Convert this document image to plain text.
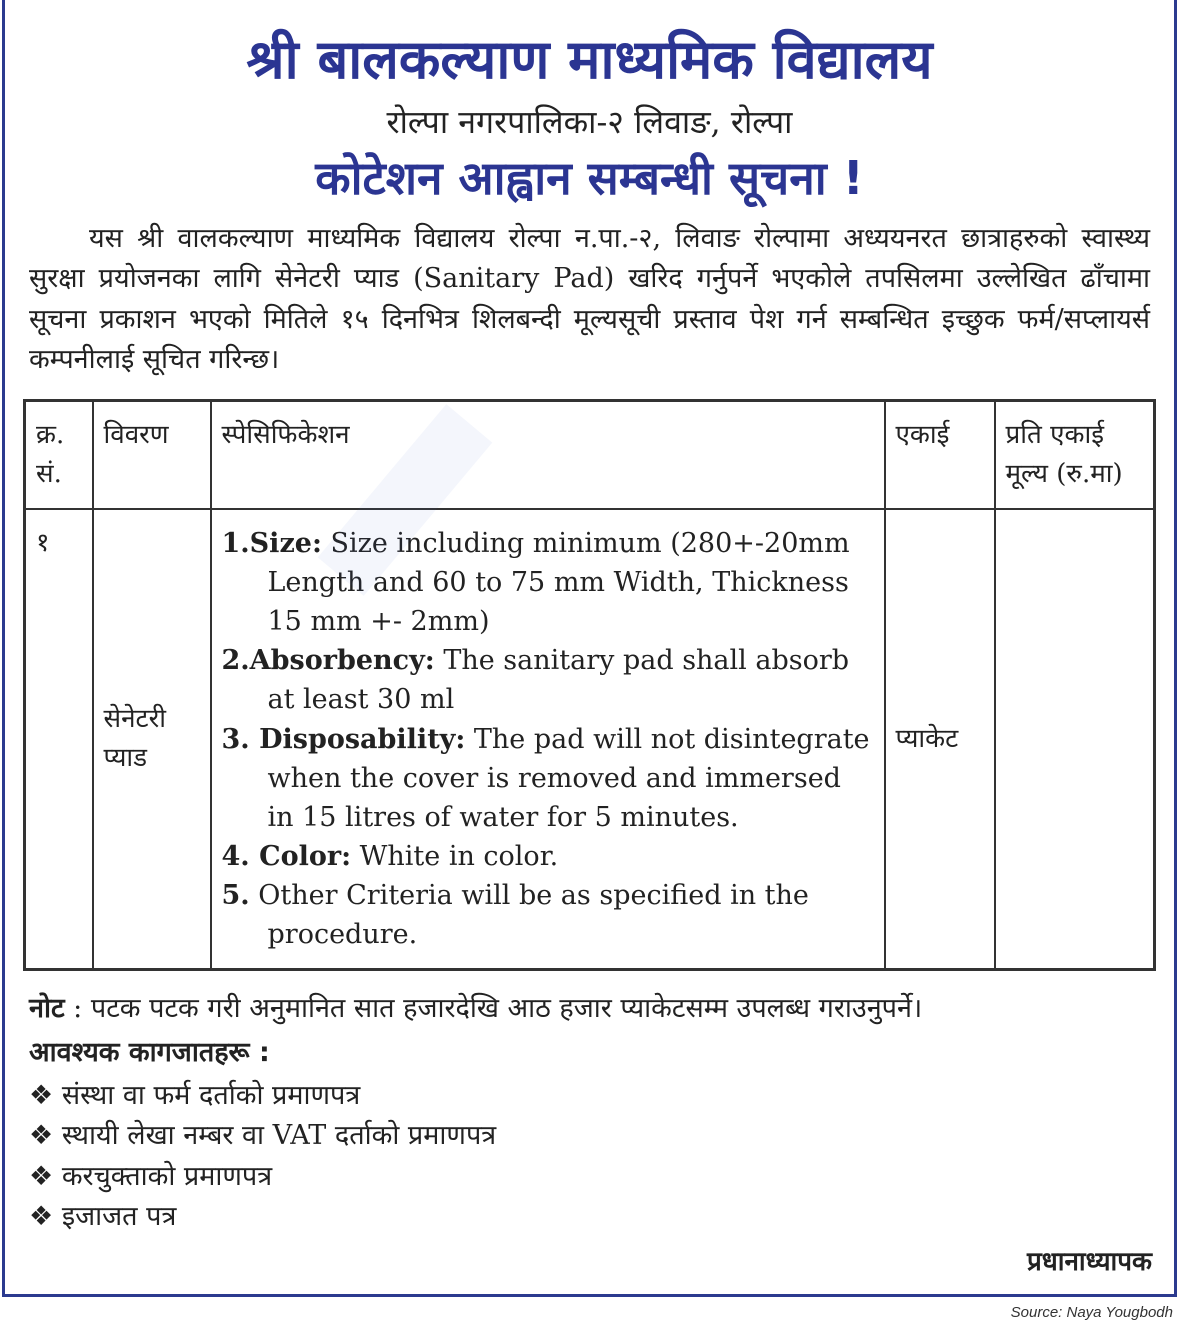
श्री बालकल्याण माध्यमिक विद्यालय
रोल्पा नगरपालिका-२ लिवाङ, रोल्पा
कोटेशन आह्वान सम्बन्धी सूचना !
यस श्री वालकल्याण माध्यमिक विद्यालय रोल्पा न.पा.-२, लिवाङ रोल्पामा अध्ययनरत छात्राहरुको स्वास्थ्य सुरक्षा प्रयोजनका लागि सेनेटरी प्याड (Sanitary Pad) खरिद गर्नुपर्ने भएकोले तपसिलमा उल्लेखित ढाँचामा सूचना प्रकाशन भएको मितिले १५ दिनभित्र शिलबन्दी मूल्यसूची प्रस्ताव पेश गर्न सम्बन्धित इच्छुक फर्म/सप्लायर्स कम्पनीलाई सूचित गरिन्छ।
क्र. सं.	विवरण	स्पेसिफिकेशन	एकाई	प्रति एकाई मूल्य (रु.मा)
१	सेनेटरी प्याड	1.Size: Size including minimum (280+-20mm Length and 60 to 75 mm Width, Thickness 15 mm +- 2mm)

2.Absorbency: The sanitary pad shall absorb at least 30 ml

3. Disposability: The pad will not disintegrate when the cover is removed and immersed in 15 litres of water for 5 minutes.

4. Color: White in color.

5. Other Criteria will be as specified in the procedure.	प्याकेट	
नोट : पटक पटक गरी अनुमानित सात हजारदेखि आठ हजार प्याकेटसम्म उपलब्ध गराउनुपर्ने।
आवश्यक कागजातहरू :
❖ संस्था वा फर्म दर्ताको प्रमाणपत्र
❖ स्थायी लेखा नम्बर वा VAT दर्ताको प्रमाणपत्र
❖ करचुक्ताको प्रमाणपत्र
❖ इजाजत पत्र
प्रधानाध्यापक
Source: Naya Yougbodh
